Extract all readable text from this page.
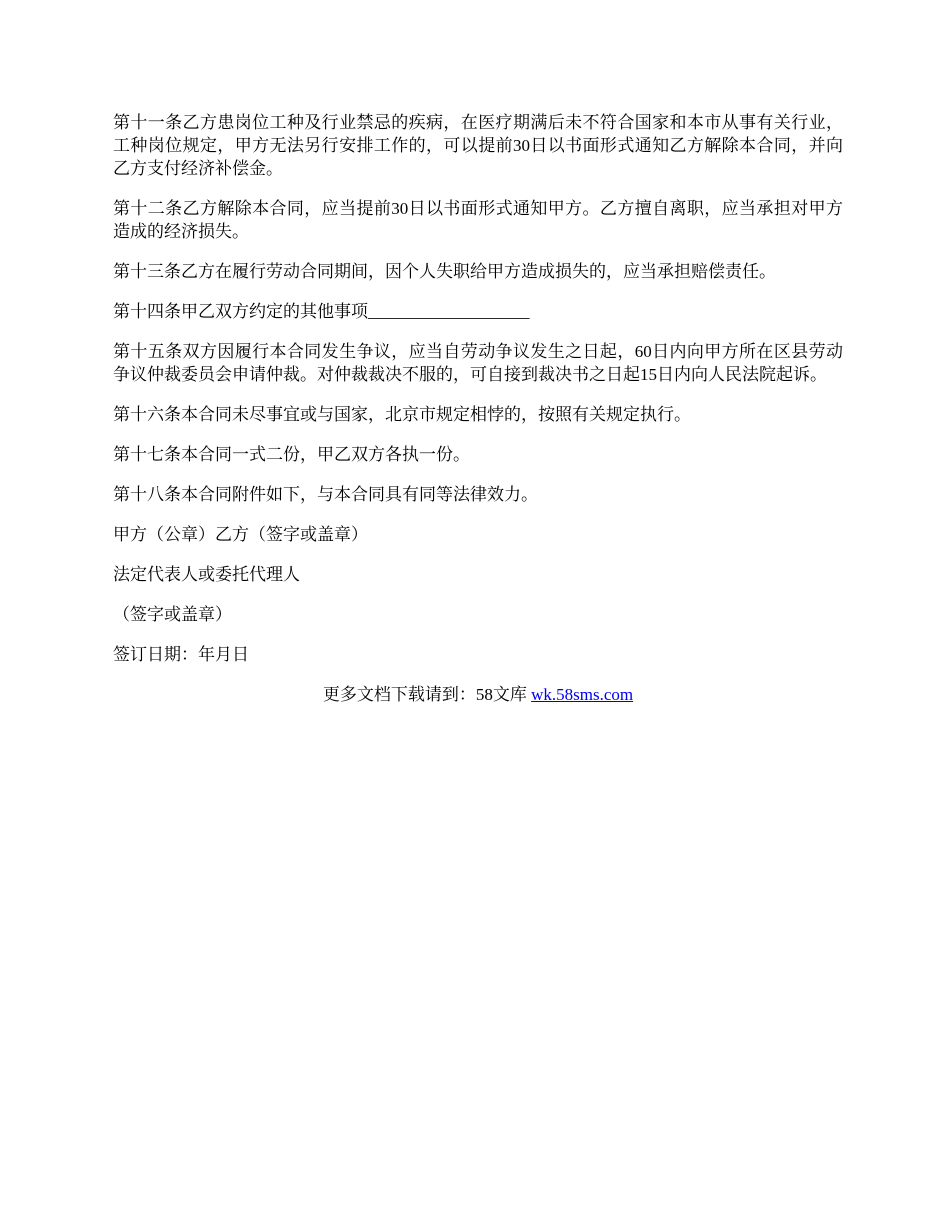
第十一条乙方患岗位工种及行业禁忌的疾病，在医疗期满后未不符合国家和本市从事有关行业，工种岗位规定，甲方无法另行安排工作的，可以提前30日以书面形式通知乙方解除本合同，并向乙方支付经济补偿金。

第十二条乙方解除本合同，应当提前30日以书面形式通知甲方。乙方擅自离职，应当承担对甲方造成的经济损失。

第十三条乙方在履行劳动合同期间，因个人失职给甲方造成损失的，应当承担赔偿责任。

第十四条甲乙双方约定的其他事项___________________

第十五条双方因履行本合同发生争议，应当自劳动争议发生之日起，60日内向甲方所在区县劳动争议仲裁委员会申请仲裁。对仲裁裁决不服的，可自接到裁决书之日起15日内向人民法院起诉。

第十六条本合同未尽事宜或与国家，北京市规定相悖的，按照有关规定执行。

第十七条本合同一式二份，甲乙双方各执一份。

第十八条本合同附件如下，与本合同具有同等法律效力。

甲方（公章）乙方（签字或盖章）

法定代表人或委托代理人

（签字或盖章）

签订日期：年月日

更多文档下载请到：58文库 wk.58sms.com
